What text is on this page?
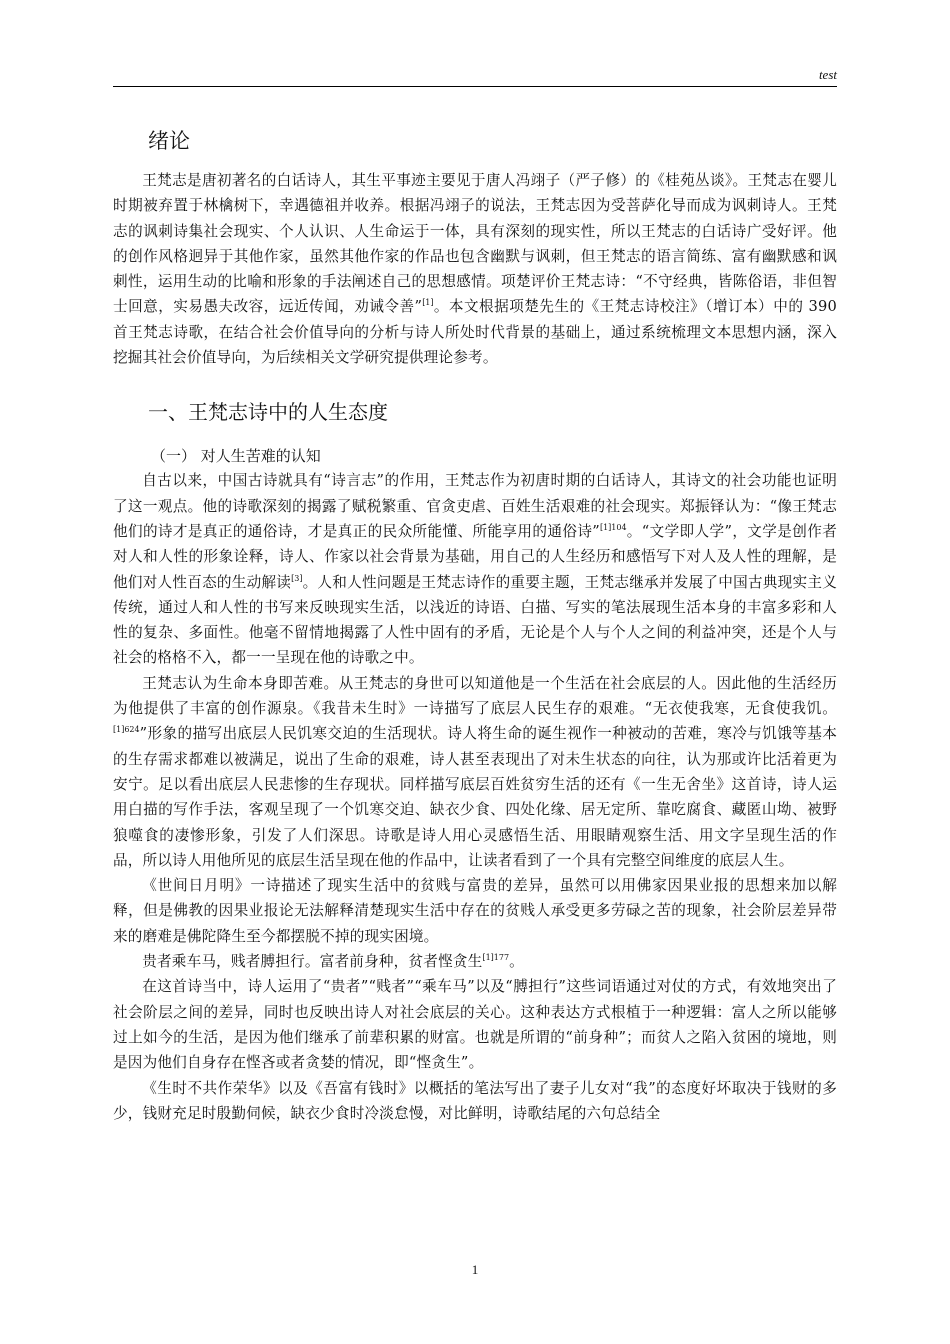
test
绪论

王梵志是唐初著名的白话诗人，其生平事迹主要见于唐人冯翊子（严子修）的《桂苑丛谈》。王梵志在婴儿时期被弃置于林檎树下，幸遇德祖并收养。根据冯翊子的说法，王梵志因为受菩萨化导而成为讽刺诗人。王梵志的讽刺诗集社会现实、个人认识、人生命运于一体，具有深刻的现实性，所以王梵志的白话诗广受好评。他的创作风格迥异于其他作家，虽然其他作家的作品也包含幽默与讽刺，但王梵志的语言简练、富有幽默感和讽刺性，运用生动的比喻和形象的手法阐述自己的思想感情。项楚评价王梵志诗：“不守经典，皆陈俗语，非但智士回意，实易愚夫改容，远近传闻，劝诫令善”[1]。本文根据项楚先生的《王梵志诗校注》（增订本）中的 390 首王梵志诗歌，在结合社会价值导向的分析与诗人所处时代背景的基础上，通过系统梳理文本思想内涵，深入挖掘其社会价值导向，为后续相关文学研究提供理论参考。

一、王梵志诗中的人生态度
（一） 对人生苦难的认知

自古以来，中国古诗就具有“诗言志”的作用，王梵志作为初唐时期的白话诗人，其诗文的社会功能也证明了这一观点。他的诗歌深刻的揭露了赋税繁重、官贪吏虐、百姓生活艰难的社会现实。郑振铎认为：“像王梵志他们的诗才是真正的通俗诗，才是真正的民众所能懂、所能享用的通俗诗”$^{[1]104}$。“文学即人学”，文学是创作者对人和人性的形象诠释，诗人、作家以社会背景为基础，用自己的人生经历和感悟写下对人及人性的理解，是他们对人性百态的生动解读[3]。人和人性问题是王梵志诗作的重要主题，王梵志继承并发展了中国古典现实主义传统，通过人和人性的书写来反映现实生活，以浅近的诗语、白描、写实的笔法展现生活本身的丰富多彩和人性的复杂、多面性。他毫不留情地揭露了人性中固有的矛盾，无论是个人与个人之间的利益冲突，还是个人与社会的格格不入，都一一呈现在他的诗歌之中。

王梵志认为生命本身即苦难。从王梵志的身世可以知道他是一个生活在社会底层的人。因此他的生活经历为他提供了丰富的创作源泉。《我昔未生时》一诗描写了底层人民生存的艰难。“无衣使我寒，无食使我饥。$^{[1]624}$”形象的描写出底层人民饥寒交迫的生活现状。诗人将生命的诞生视作一种被动的苦难，寒冷与饥饿等基本的生存需求都难以被满足，说出了生命的艰难，诗人甚至表现出了对未生状态的向往，认为那或许比活着更为安宁。足以看出底层人民悲惨的生存现状。同样描写底层百姓贫穷生活的还有《一生无舍坐》这首诗，诗人运用白描的写作手法，客观呈现了一个饥寒交迫、缺衣少食、四处化缘、居无定所、靠吃腐食、藏匿山坳、被野狼噬食的凄惨形象，引发了人们深思。诗歌是诗人用心灵感悟生活、用眼睛观察生活、用文字呈现生活的作品，所以诗人用他所见的底层生活呈现在他的作品中，让读者看到了一个具有完整空间维度的底层人生。

《世间日月明》一诗描述了现实生活中的贫贱与富贵的差异，虽然可以用佛家因果业报的思想来加以解释，但是佛教的因果业报论无法解释清楚现实生活中存在的贫贱人承受更多劳碌之苦的现象，社会阶层差异带来的磨难是佛陀降生至今都摆脱不掉的现实困境。

贵者乘车马，贱者膊担行。富者前身种，贫者悭贪生$^{[1]177}$。

在这首诗当中，诗人运用了“贵者”“贱者”“乘车马”以及“膊担行”这些词语通过对仗的方式，有效地突出了社会阶层之间的差异，同时也反映出诗人对社会底层的关心。这种表达方式根植于一种逻辑：富人之所以能够过上如今的生活，是因为他们继承了前辈积累的财富。也就是所谓的“前身种”；而贫人之陷入贫困的境地，则是因为他们自身存在悭吝或者贪婪的情况，即“悭贪生”。

《生时不共作荣华》以及《吾富有钱时》以概括的笔法写出了妻子儿女对“我”的态度好坏取决于钱财的多少，钱财充足时殷勤伺候，缺衣少食时冷淡怠慢，对比鲜明，诗歌结尾的六句总结全

1
